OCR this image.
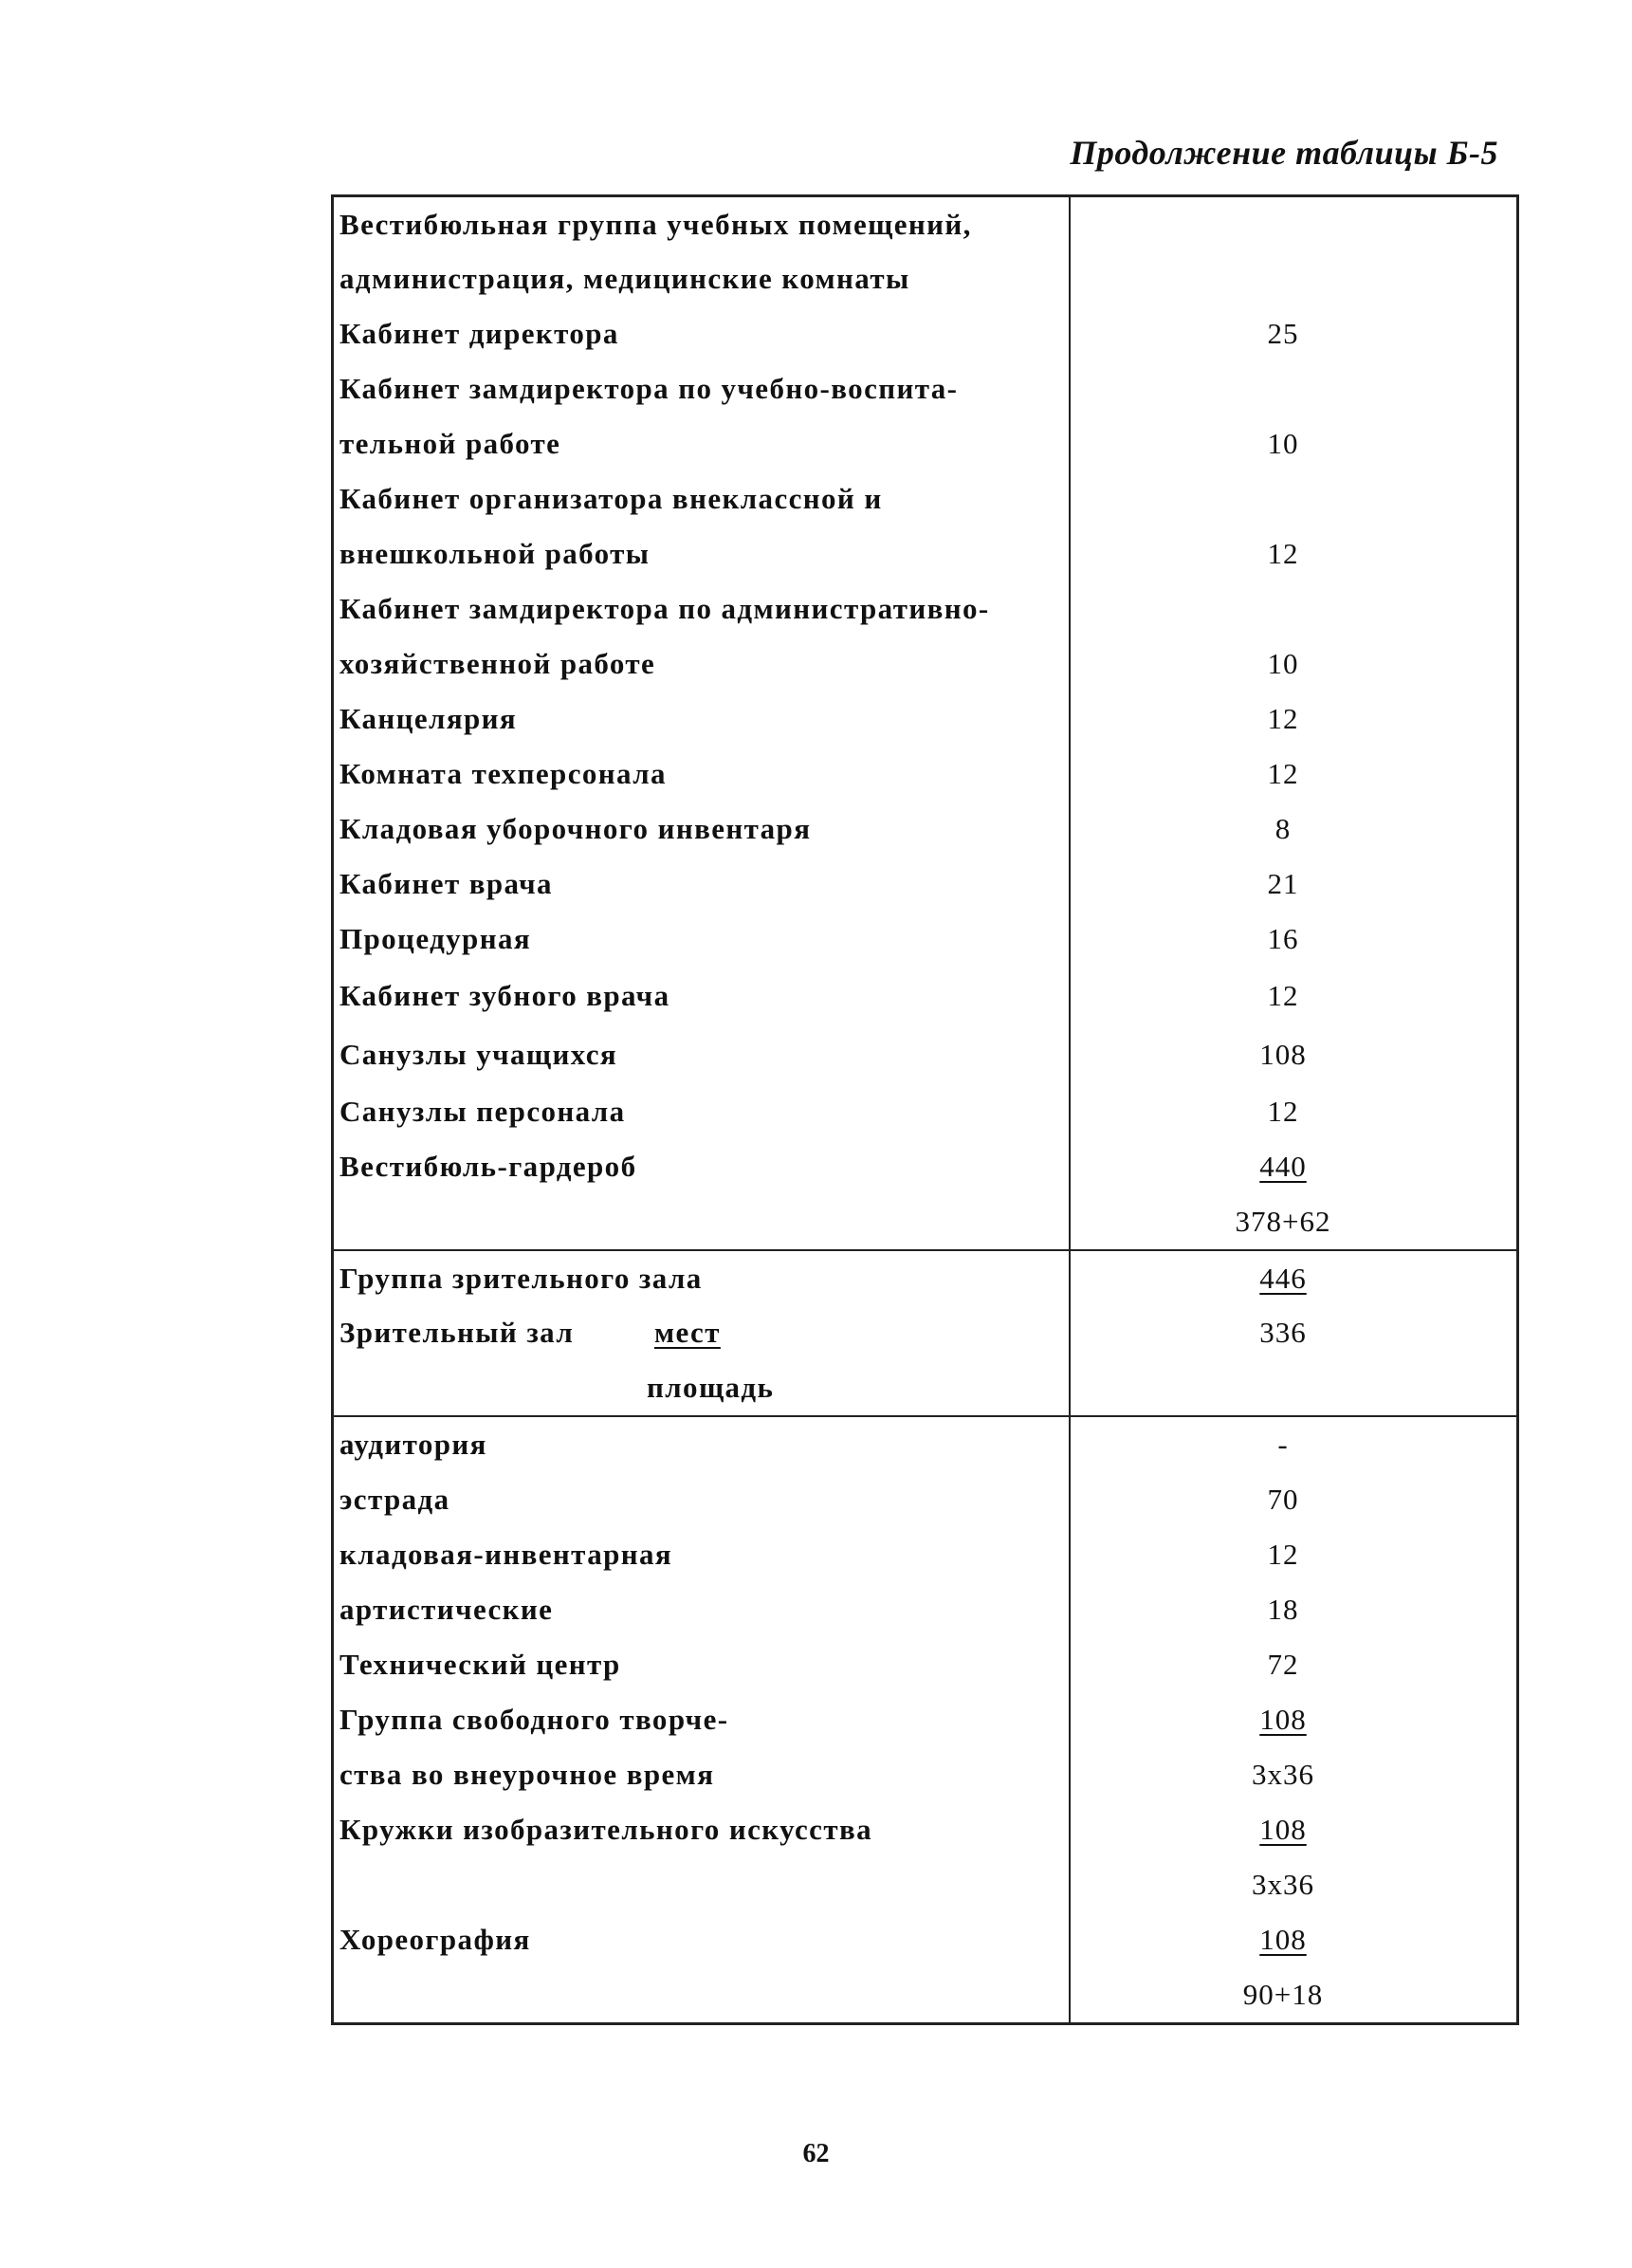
Продолжение таблицы Б-5
Вестибюльная группа учебных помещений,
администрация, медицинские комнаты
Кабинет директора	25
Кабинет замдиректора по учебно-воспита-
тельной работе	10
Кабинет организатора внеклассной и
внешкольной работы	12
Кабинет замдиректора по административно-
хозяйственной работе	10
Канцелярия	12
Комната техперсонала	12
Кладовая уборочного инвентаря	8
Кабинет врача	21
Процедурная	16
Кабинет зубного врача	12
Санузлы учащихся	108
Санузлы персонала	12
Вестибюль-гардероб	440
378+62
Группа зрительного зала	446
Зрительный зал	мест	336
площадь
аудитория	-
эстрада	70
кладовая-инвентарная	12
артистические	18
Технический центр	72
Группа свободного творче-	108
ства во внеурочное время	3x36
Кружки изобразительного искусства	108
3x36
Хореография	108
90+18
62
